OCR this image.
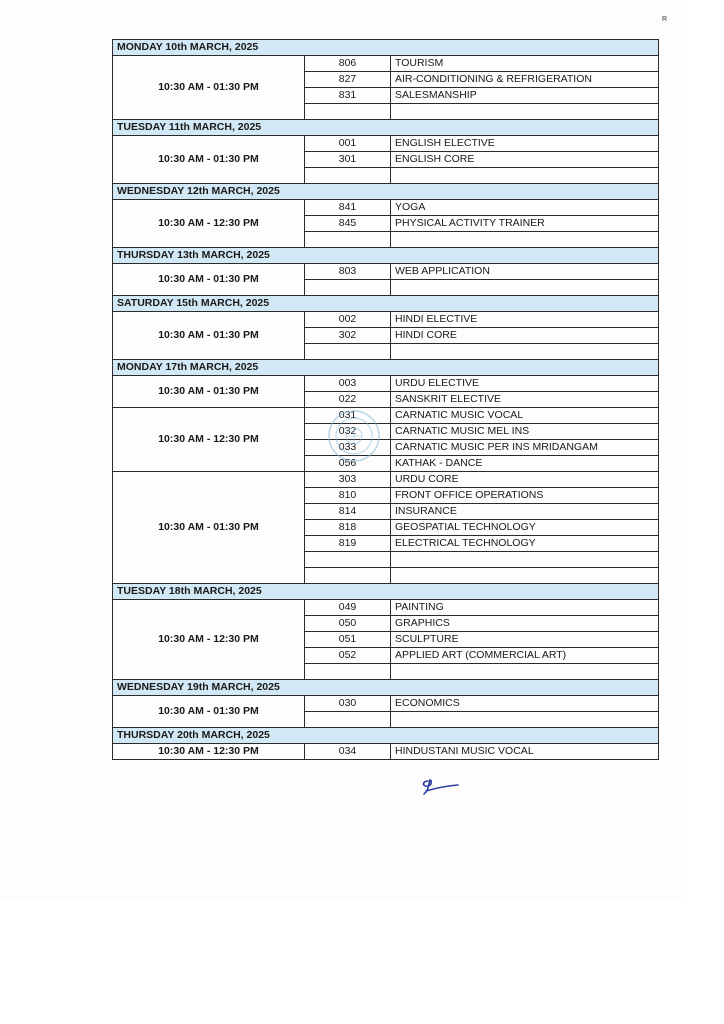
R
MONDAY 10th MARCH, 2025		
10:30 AM - 01:30 PM	806	TOURISM
	827	AIR-CONDITIONING & REFRIGERATION
	831	SALESMANSHIP

TUESDAY 11th MARCH, 2025		
10:30 AM - 01:30 PM	001	ENGLISH ELECTIVE
	301	ENGLISH CORE

WEDNESDAY 12th MARCH, 2025		
10:30 AM - 12:30 PM	841	YOGA
	845	PHYSICAL ACTIVITY TRAINER

THURSDAY 13th MARCH, 2025		
10:30 AM - 01:30 PM	803	WEB APPLICATION

SATURDAY 15th MARCH, 2025		
10:30 AM - 01:30 PM	002	HINDI ELECTIVE
	302	HINDI CORE

MONDAY 17th MARCH, 2025		
10:30 AM - 01:30 PM	003	URDU ELECTIVE
	022	SANSKRIT ELECTIVE
10:30 AM - 12:30 PM	031	CARNATIC MUSIC VOCAL
	032	CARNATIC MUSIC MEL INS
	033	CARNATIC MUSIC PER INS MRIDANGAM
	056	KATHAK - DANCE
10:30 AM - 01:30 PM	303	URDU CORE
	810	FRONT OFFICE OPERATIONS
	814	INSURANCE
	818	GEOSPATIAL TECHNOLOGY
	819	ELECTRICAL TECHNOLOGY

TUESDAY 18th MARCH, 2025		
10:30 AM - 12:30 PM	049	PAINTING
	050	GRAPHICS
	051	SCULPTURE
	052	APPLIED ART (COMMERCIAL ART)

WEDNESDAY 19th MARCH, 2025		
10:30 AM - 01:30 PM	030	ECONOMICS

THURSDAY 20th MARCH, 2025		
10:30 AM - 12:30 PM	034	HINDUSTANI MUSIC VOCAL
